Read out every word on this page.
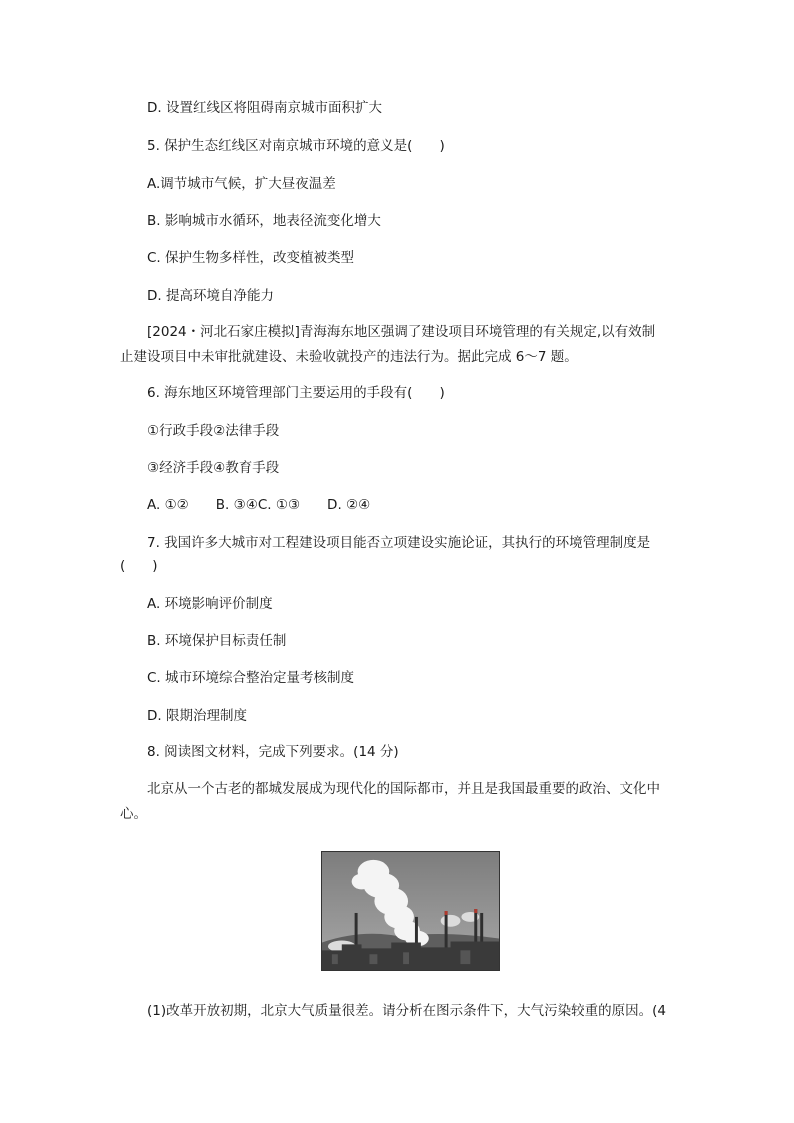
D. 设置红线区将阻碍南京城市面积扩大
5. 保护生态红线区对南京城市环境的意义是(　　)
A.调节城市气候，扩大昼夜温差
B. 影响城市水循环，地表径流变化增大
C. 保护生物多样性，改变植被类型
D. 提高环境自净能力
[2024・河北石家庄模拟]青海海东地区强调了建设项目环境管理的有关规定,以有效制
止建设项目中未审批就建设、未验收就投产的违法行为。据此完成 6～7 题。
6. 海东地区环境管理部门主要运用的手段有(　　)
①行政手段②法律手段
③经济手段④教育手段
A. ①②　　B. ③④C. ①③　　D. ②④
7. 我国许多大城市对工程建设项目能否立项建设实施论证，其执行的环境管理制度是
(　　)
A. 环境影响评价制度
B. 环境保护目标责任制
C. 城市环境综合整治定量考核制度
D. 限期治理制度
8. 阅读图文材料，完成下列要求。(14 分)
北京从一个古老的都城发展成为现代化的国际都市，并且是我国最重要的政治、文化中
心。
(1)改革开放初期，北京大气质量很差。请分析在图示条件下，大气污染较重的原因。(4
